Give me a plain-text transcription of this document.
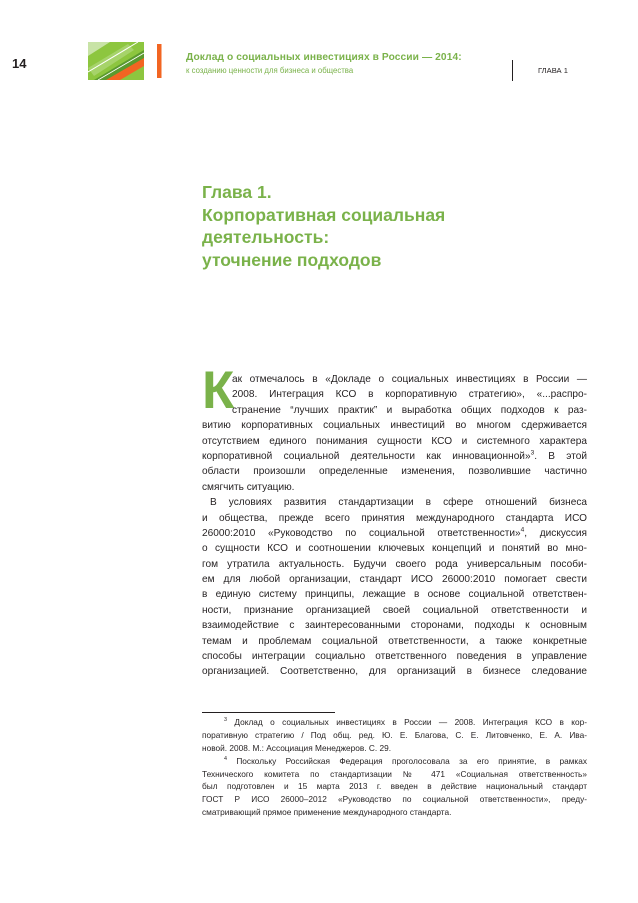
14	Доклад о социальных инвестициях в России — 2014:
к созданию ценности для бизнеса и общества	ГЛАВА 1
Глава 1.
Корпоративная социальная
деятельность:
уточнение подходов
К
ак отмечалось в «Докладе о социальных инвестициях в России —
2008. Интеграция КСО в корпоративную стратегию», «...распро-
странение “лучших практик” и выработка общих подходов к раз-
витию корпоративных социальных инвестиций во многом сдерживается
отсутствием единого понимания сущности КСО и системного характера
корпоративной социальной деятельности как инновационной»$^3$. В этой
области произошли определенные изменения, позволившие частично
смягчить ситуацию.
В условиях развития стандартизации в сфере отношений бизнеса
и общества, прежде всего принятия международного стандарта ИСО
26000:2010 «Руководство по социальной ответственности»$^4$, дискуссия
о сущности КСО и соотношении ключевых концепций и понятий во мно-
гом утратила актуальность. Будучи своего рода универсальным пособи-
ем для любой организации, стандарт ИСО 26000:2010 помогает свести
в единую систему принципы, лежащие в основе социальной ответствен-
ности, признание организацией своей социальной ответственности и
взаимодействие с заинтересованными сторонами, подходы к основным
темам и проблемам социальной ответственности, а также конкретные
способы интеграции социально ответственного поведения в управление
организацией. Соответственно, для организаций в бизнесе следование
$^3$ Доклад о социальных инвестициях в России — 2008. Интеграция КСО в кор-
поративную стратегию / Под общ. ред. Ю. Е. Благова, С. Е. Литовченко, Е. А. Ива-
новой. 2008. М.: Ассоциация Менеджеров. С. 29.
$^4$ Поскольку Российская Федерация проголосовала за его принятие, в рамках
Технического комитета по стандартизации № 471 «Социальная ответственность»
был подготовлен и 15 марта 2013 г. введен в действие национальный стандарт
ГОСТ Р ИСО 26000–2012 «Руководство по социальной ответственности», преду-
сматривающий прямое применение международного стандарта.
